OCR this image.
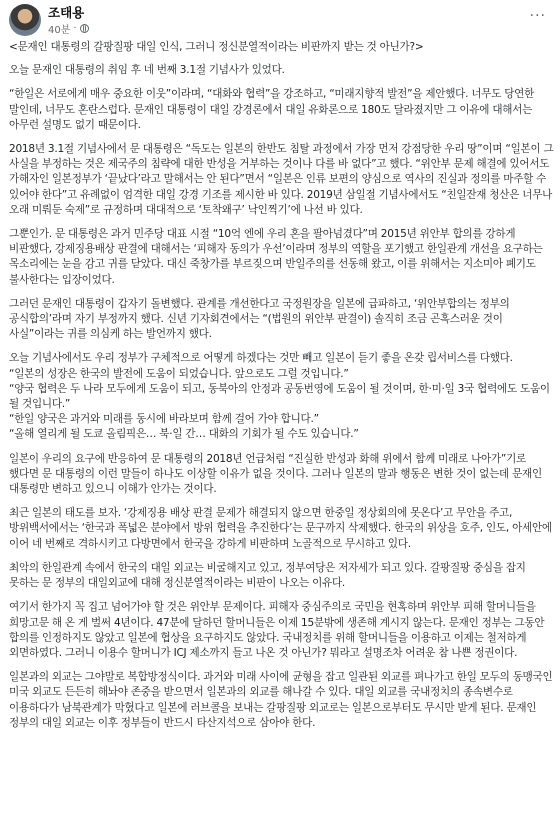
조태용
40분 ·
···

<문재인 대통령의 갈팡질팡 대일 인식, 그러니 정신분열적이라는 비판까지 받는 것 아닌가?>

오늘 문재인 대통령의 취임 후 네 번째 3.1절 기념사가 있었다.

“한일은 서로에게 매우 중요한 이웃”이라며, “대화와 협력”을 강조하고, “미래지향적 발전”을 제안했다. 너무도 당연한 말인데, 너무도 혼란스럽다. 문재인 대통령이 대일 강경론에서 대일 유화론으로 180도 달라졌지만 그 이유에 대해서는 아무런 설명도 없기 때문이다.

2018년 3.1절 기념사에서 문 대통령은 “독도는 일본의 한반도 침탈 과정에서 가장 먼저 강점당한 우리 땅”이며 “일본이 그 사실을 부정하는 것은 제국주의 침략에 대한 반성을 거부하는 것이나 다를 바 없다”고 했다. “위안부 문제 해결에 있어서도 가해자인 일본정부가 ‘끝났다’라고 말해서는 안 된다”면서 “일본은 인류 보편의 양심으로 역사의 진실과 정의를 마주할 수 있어야 한다”고 유례없이 엄격한 대일 강경 기조를 제시한 바 있다. 2019년 삼일절 기념사에서도 “친일잔재 청산은 너무나 오래 미뤄둔 숙제”로 규정하며 대대적으로 ‘토착왜구’ 낙인찍기’에 나선 바 있다.

그뿐인가. 문 대통령은 과거 민주당 대표 시절 “10억 엔에 우리 혼을 팔아넘겼다”며 2015년 위안부 합의를 강하게 비판했다, 강제징용배상 판결에 대해서는 ‘피해자 동의가 우선’이라며 정부의 역할을 포기했고 한일관계 개선을 요구하는 목소리에는 눈을 감고 귀를 닫았다. 대신 죽창가를 부르짖으며 반일주의를 선동해 왔고, 이를 위해서는 지소미아 폐기도 불사한다는 입장이었다.

그러던 문재인 대통령이 갑자기 돌변했다. 관계를 개선한다고 국정원장을 일본에 급파하고, ‘위안부합의는 정부의 공식합의’라며 자기 부정까지 했다. 신년 기자회견에서는 “(법원의 위안부 판결이) 솔직히 조금 곤혹스러운 것이 사실”이라는 귀를 의심케 하는 발언까지 했다.

오늘 기념사에서도 우리 정부가 구체적으로 어떻게 하겠다는 것만 빼고 일본이 듣기 좋을 온갖 립서비스를 다했다.
“일본의 성장은 한국의 발전에 도움이 되었습니다. 앞으로도 그럴 것입니다.”
“양국 협력은 두 나라 모두에게 도움이 되고, 동북아의 안정과 공동번영에 도움이 될 것이며, 한·미·일 3국 협력에도 도움이 될 것입니다.”
“한일 양국은 과거와 미래를 동시에 바라보며 함께 걸어 가야 합니다.”
“올해 열리게 될 도쿄 올림픽은… 북·일 간… 대화의 기회가 될 수도 있습니다.”

일본이 우리의 요구에 반응하여 문 대통령의 2018년 언급처럼 “진실한 반성과 화해 위에서 함께 미래로 나아가”기로 했다면 문 대통령의 이런 말들이 하나도 이상할 이유가 없을 것이다. 그러나 일본의 말과 행동은 변한 것이 없는데 문재인 대통령만 변하고 있으니 이해가 안가는 것이다.

최근 일본의 태도를 보자. ‘강제징용 배상 판결 문제가 해결되지 않으면 한중일 정상회의에 못온다’고 무안을 주고, 방위백서에서는 ‘한국과 폭넓은 분야에서 방위 협력을 추진한다’는 문구까지 삭제했다. 한국의 위상을 호주, 인도, 아세안에 이어 네 번째로 격하시키고 다방면에서 한국을 강하게 비판하며 노골적으로 무시하고 있다.

최악의 한일관계 속에서 한국의 대일 외교는 비굴해지고 있고, 정부여당은 저자세가 되고 있다. 갈팡질팡 중심을 잡지 못하는 문 정부의 대일외교에 대해 정신분열적이라는 비판이 나오는 이유다.

여기서 한가지 꼭 집고 넘어가야 할 것은 위안부 문제이다. 피해자 중심주의로 국민을 현혹하며 위안부 피해 할머니들을 희망고문 해 온 게 벌써 4년이다. 47분에 달하던 할머니들은 이제 15분밖에 생존해 계시지 않는다. 문재인 정부는 그동안 합의를 인정하지도 않았고 일본에 협상을 요구하지도 않았다. 국내정치를 위해 할머니들을 이용하고 이제는 철저하게 외면하였다. 그러니 이용수 할머니가 ICJ 제소까지 들고 나온 것 아닌가? 뭐라고 설명조차 어려운 참 나쁜 정권이다.

일본과의 외교는 그야말로 복합방정식이다. 과거와 미래 사이에 균형을 잡고 일관된 외교를 펴나가고 한일 모두의 동맹국인 미국 외교도 든든히 해놔야 존중을 받으면서 일본과의 외교를 해나갈 수 있다. 대일 외교를 국내정치의 종속변수로 이용하다가 남북관계가 막혔다고 일본에 러브콜을 보내는 갈팡질팡 외교로는 일본으로부터도 무시만 받게 된다. 문재인 정부의 대일 외교는 이후 정부들이 반드시 타산지석으로 삼아야 한다.
